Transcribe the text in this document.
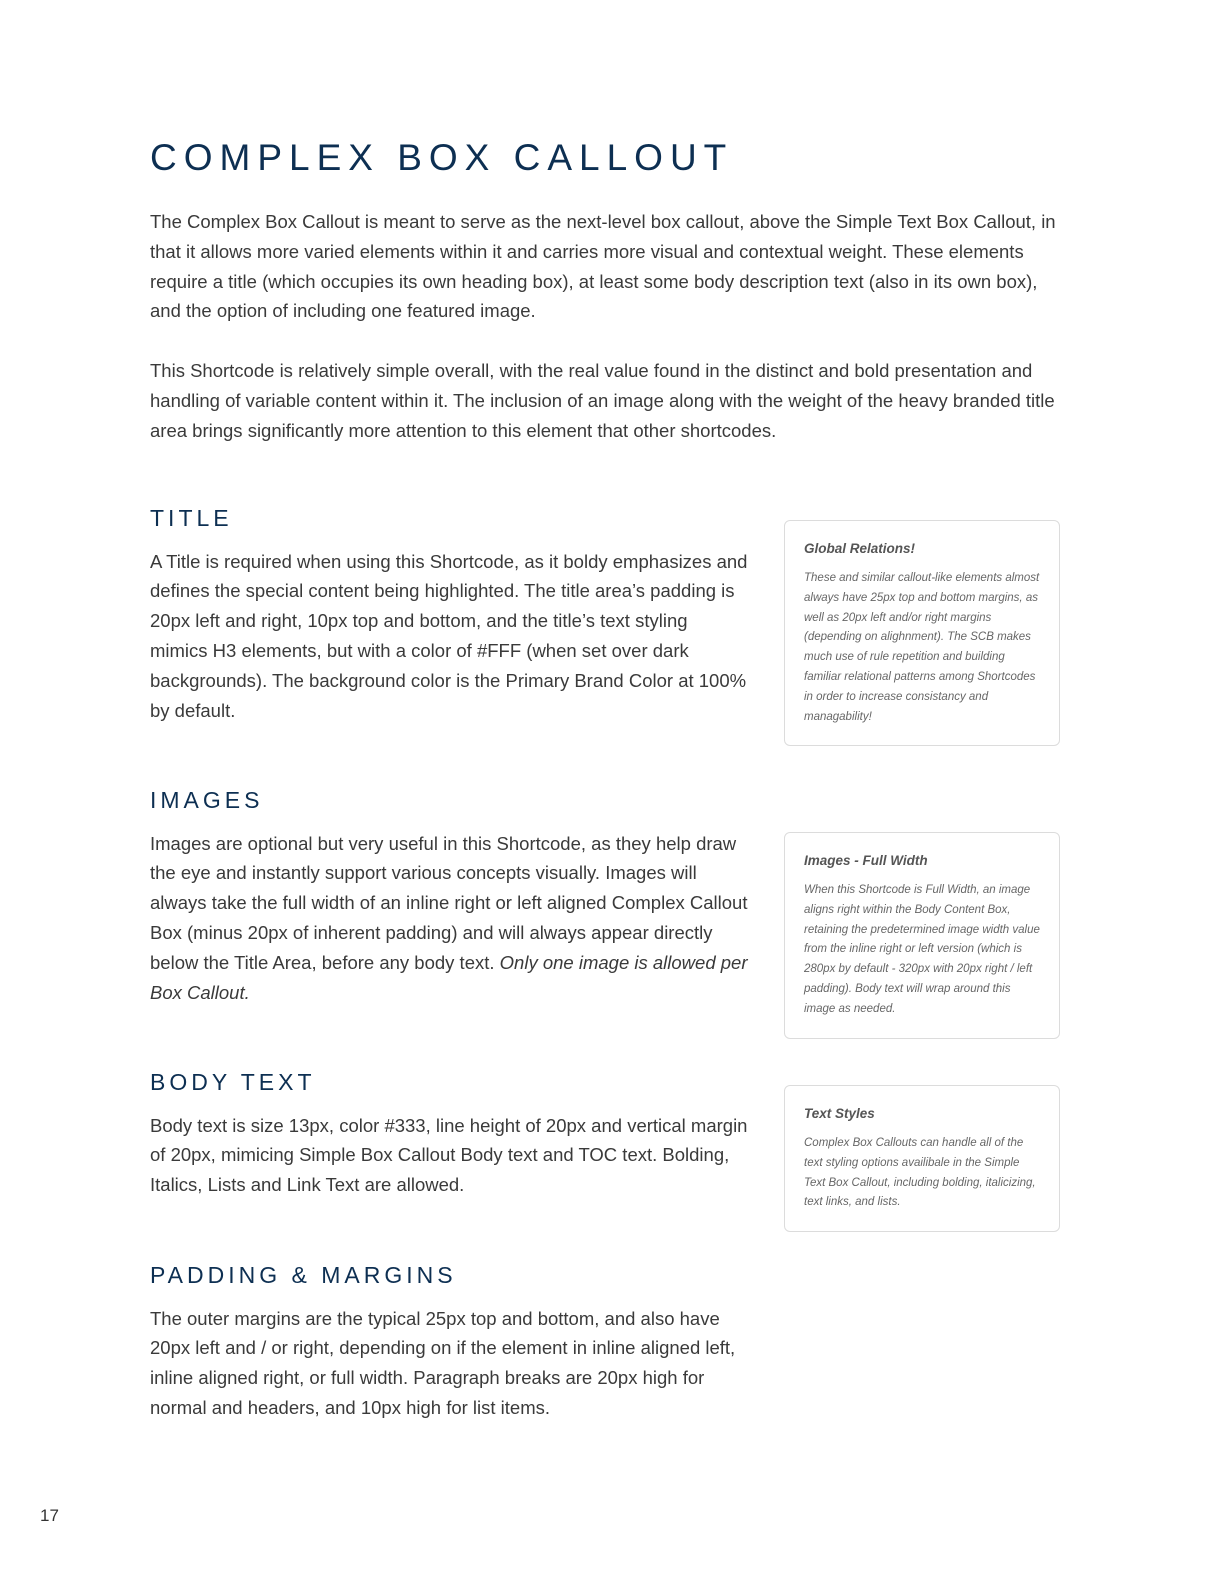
COMPLEX BOX CALLOUT

The Complex Box Callout is meant to serve as the next-level box callout, above the Simple Text Box Callout, in that it allows more varied elements within it and carries more visual and contextual weight. These elements require a title (which occupies its own heading box), at least some body description text (also in its own box), and the option of including one featured image.

This Shortcode is relatively simple overall, with the real value found in the distinct and bold presentation and handling of variable content within it. The inclusion of an image along with the weight of the heavy branded title area brings significantly more attention to this element that other shortcodes.

TITLE

A Title is required when using this Shortcode, as it boldy emphasizes and defines the special content being highlighted. The title area’s padding is 20px left and right, 10px top and bottom, and the title’s text styling mimics H3 elements, but with a color of #FFF (when set over dark backgrounds). The background color is the Primary Brand Color at 100% by default.

IMAGES

Images are optional but very useful in this Shortcode, as they help draw the eye and instantly support various concepts visually. Images will always take the full width of an inline right or left aligned Complex Callout Box (minus 20px of inherent padding) and will always appear directly below the Title Area, before any body text. Only one image is allowed per Box Callout.

BODY TEXT

Body text is size 13px, color #333, line height of 20px and vertical margin of 20px, mimicing Simple Box Callout Body text and TOC text. Bolding, Italics, Lists and Link Text are allowed.

PADDING & MARGINS

The outer margins are the typical 25px top and bottom, and also have 20px left and / or right, depending on if the element in inline aligned left, inline aligned right, or full width. Paragraph breaks are 20px high for normal and headers, and 10px high for list items.

Global Relations!

These and similar callout-like elements almost always have 25px top and bottom margins, as well as 20px left and/or right margins (depending on alighnment). The SCB makes much use of rule repetition and building familiar relational patterns among Shortcodes in order to increase consistancy and managability!

Images - Full Width

When this Shortcode is Full Width, an image aligns right within the Body Content Box, retaining the predetermined image width value from the inline right or left version (which is 280px by default - 320px with 20px right / left padding). Body text will wrap around this image as needed.

Text Styles

Complex Box Callouts can handle all of the text styling options availibale in the Simple Text Box Callout, including bolding, italicizing, text links, and lists.

17
